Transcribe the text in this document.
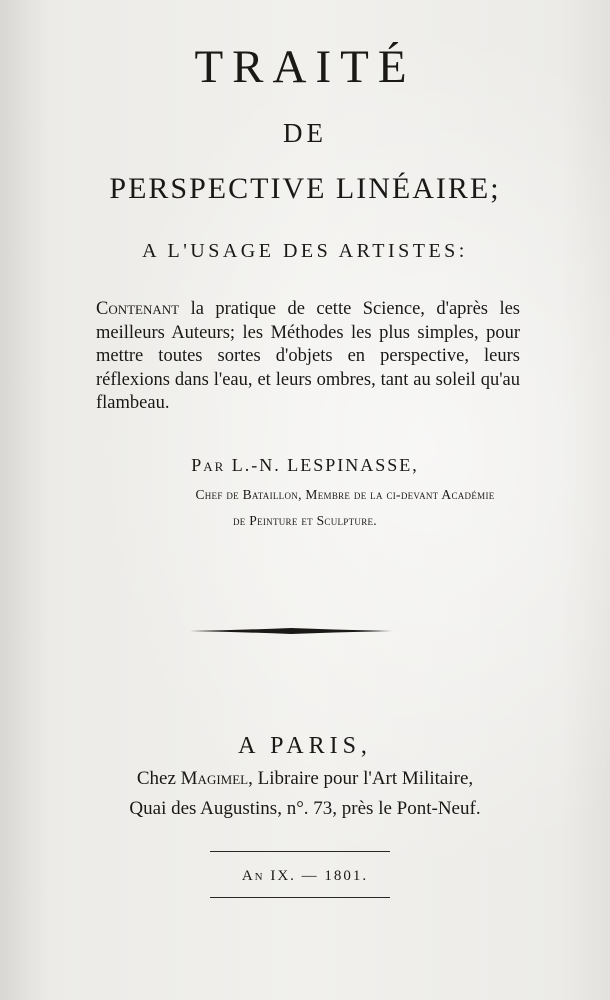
TRAITÉ
DE
PERSPECTIVE LINÉAIRE;
A L'USAGE DES ARTISTES:
Contenant la pratique de cette Science, d'après les meilleurs Auteurs; les Méthodes les plus simples, pour mettre toutes sortes d'objets en perspective, leurs réflexions dans l'eau, et leurs ombres, tant au soleil qu'au flambeau.
Par L.-N. LESPINASSE,
Chef de Bataillon, Membre de la ci-devant Académie
de Peinture et Sculpture.
A PARIS,
Chez Magimel, Libraire pour l'Art Militaire,
Quai des Augustins, n°. 73, près le Pont-Neuf.
An IX. — 1801.
